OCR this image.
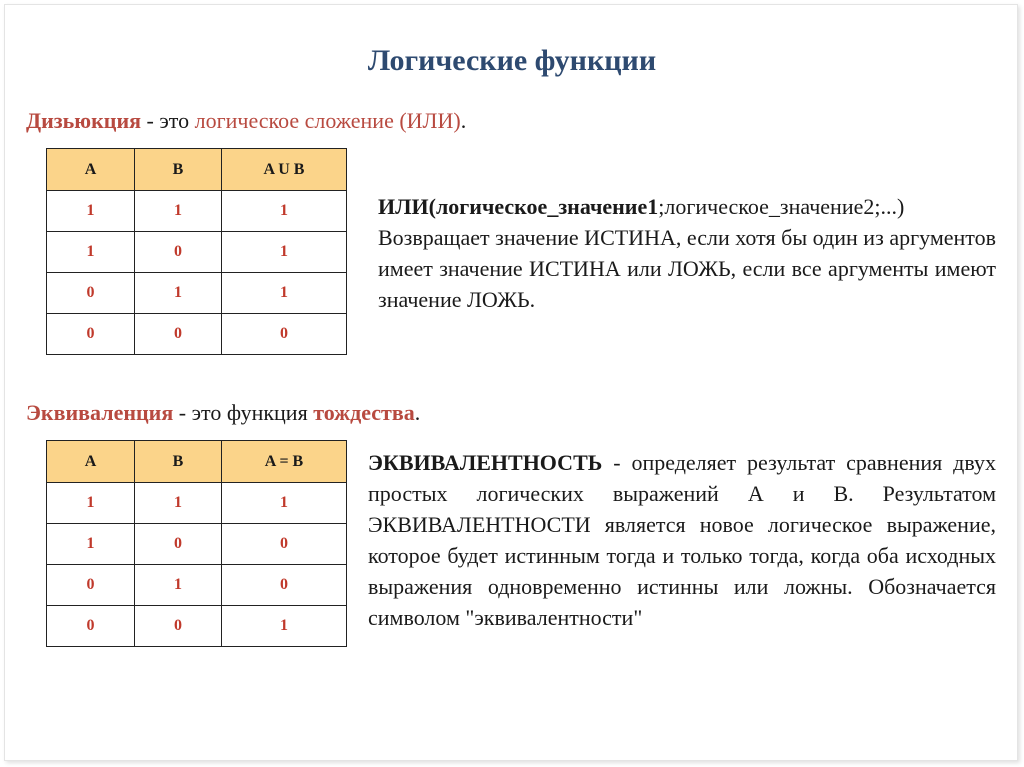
Логические функции
Дизьюкция - это логическое сложение (ИЛИ).
A	B	A U B
1	1	1
1	0	1
0	1	1
0	0	0
ИЛИ(логическое_значение1;логическое_значение2;...) Возвращает значение ИСТИНА, если хотя бы один из аргументов имеет значение ИСТИНА или ЛОЖЬ, если все аргументы имеют значение ЛОЖЬ.
Эквиваленция - это функция тождества.
A	B	A = B
1	1	1
1	0	0
0	1	0
0	0	1
ЭКВИВАЛЕНТНОСТЬ - определяет результат сравнения двух простых логических выражений А и В. Результатом ЭКВИВАЛЕНТНОСТИ является новое логическое выражение, которое будет истинным тогда и только тогда, когда оба исходных выражения одновременно истинны или ложны. Обозначается символом "эквивалентности"
